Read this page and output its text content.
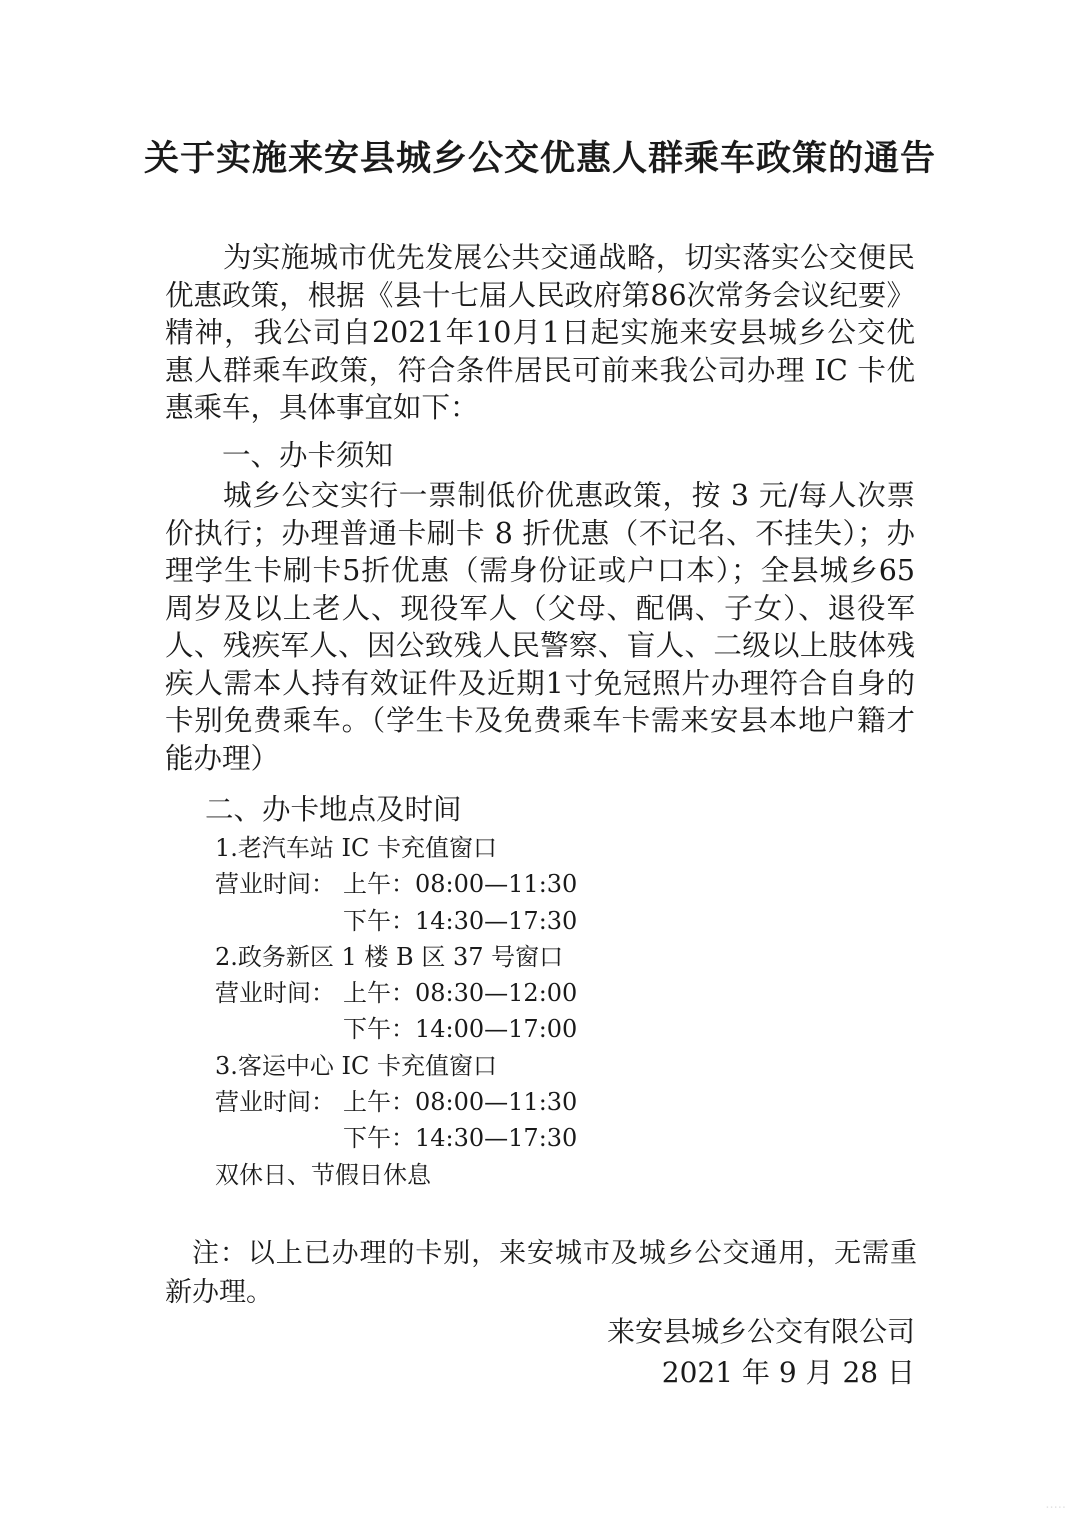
关于实施来安县城乡公交优惠人群乘车政策的通告
为实施城市优先发展公共交通战略，切实落实公交便民优惠政策，根据《县十七届人民政府第86次常务会议纪要》精神，我公司自2021年10月1日起实施来安县城乡公交优惠人群乘车政策，符合条件居民可前来我公司办理 IC 卡优惠乘车，具体事宜如下：
一、办卡须知
城乡公交实行一票制低价优惠政策，按 3 元/每人次票价执行；办理普通卡刷卡 8 折优惠（不记名、不挂失）；办理学生卡刷卡5折优惠（需身份证或户口本）；全县城乡65周岁及以上老人、现役军人（父母、配偶、子女）、退役军人、残疾军人、因公致残人民警察、盲人、二级以上肢体残疾人需本人持有效证件及近期1寸免冠照片办理符合自身的卡别免费乘车。（学生卡及免费乘车卡需来安县本地户籍才能办理）
二、办卡地点及时间
1.老汽车站 IC 卡充值窗口
营业时间： 上午：08:00—11:30
下午：14:30—17:30
2.政务新区 1 楼 B 区 37 号窗口
营业时间： 上午：08:30—12:00
下午：14:00—17:00
3.客运中心 IC 卡充值窗口
营业时间： 上午：08:00—11:30
下午：14:30—17:30
双休日、节假日休息
注：以上已办理的卡别，来安城市及城乡公交通用，无需重新办理。
来安县城乡公交有限公司
2021 年 9 月 28 日
·····
